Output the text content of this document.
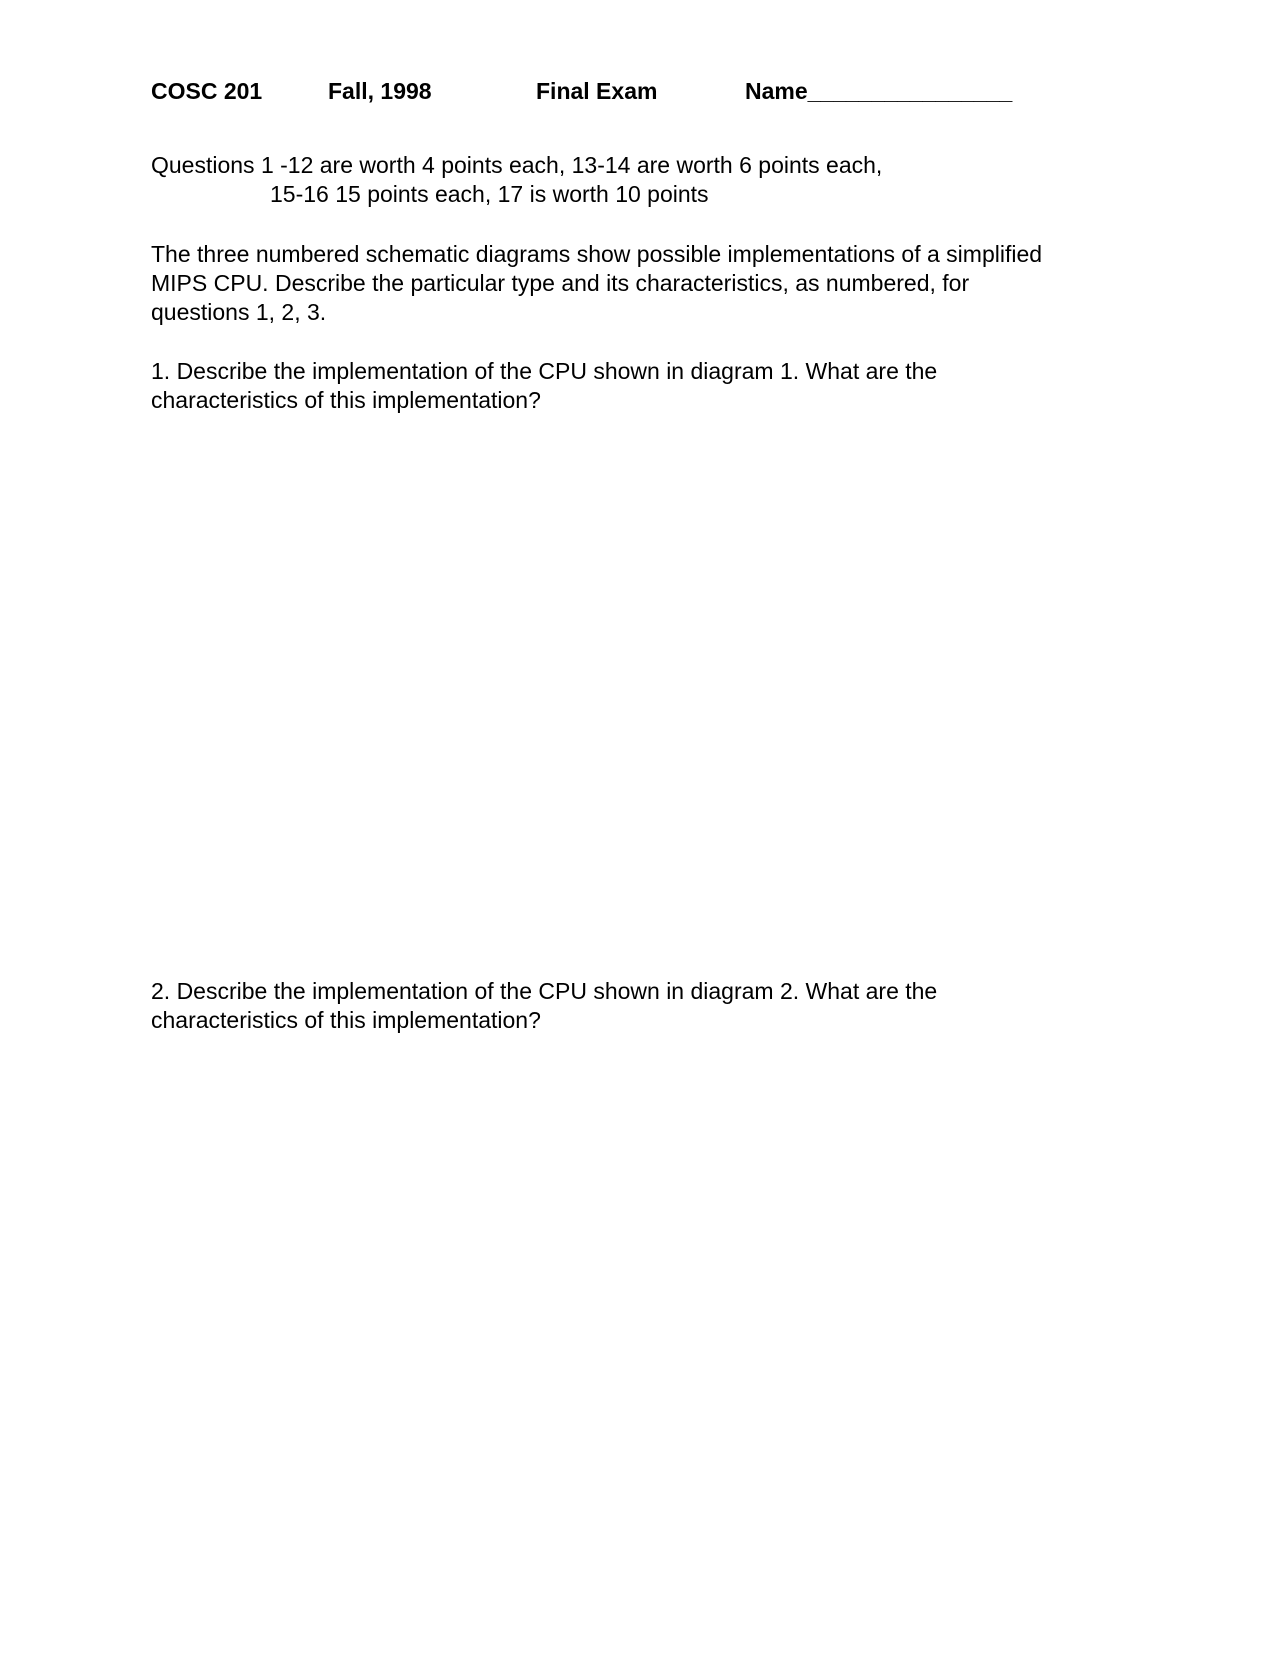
COSC 201	Fall, 1998	Final Exam	Name________________
Questions 1 -12 are worth 4 points each, 13-14 are worth 6 points each,
15-16 15 points each, 17 is worth 10 points
The three numbered schematic diagrams show possible implementations of a simplified
MIPS CPU. Describe the particular type and its characteristics, as numbered, for
questions 1, 2, 3.
1. Describe the implementation of the CPU shown in diagram 1. What are the
characteristics of this implementation?
2. Describe the implementation of the CPU shown in diagram 2. What are the
characteristics of this implementation?
